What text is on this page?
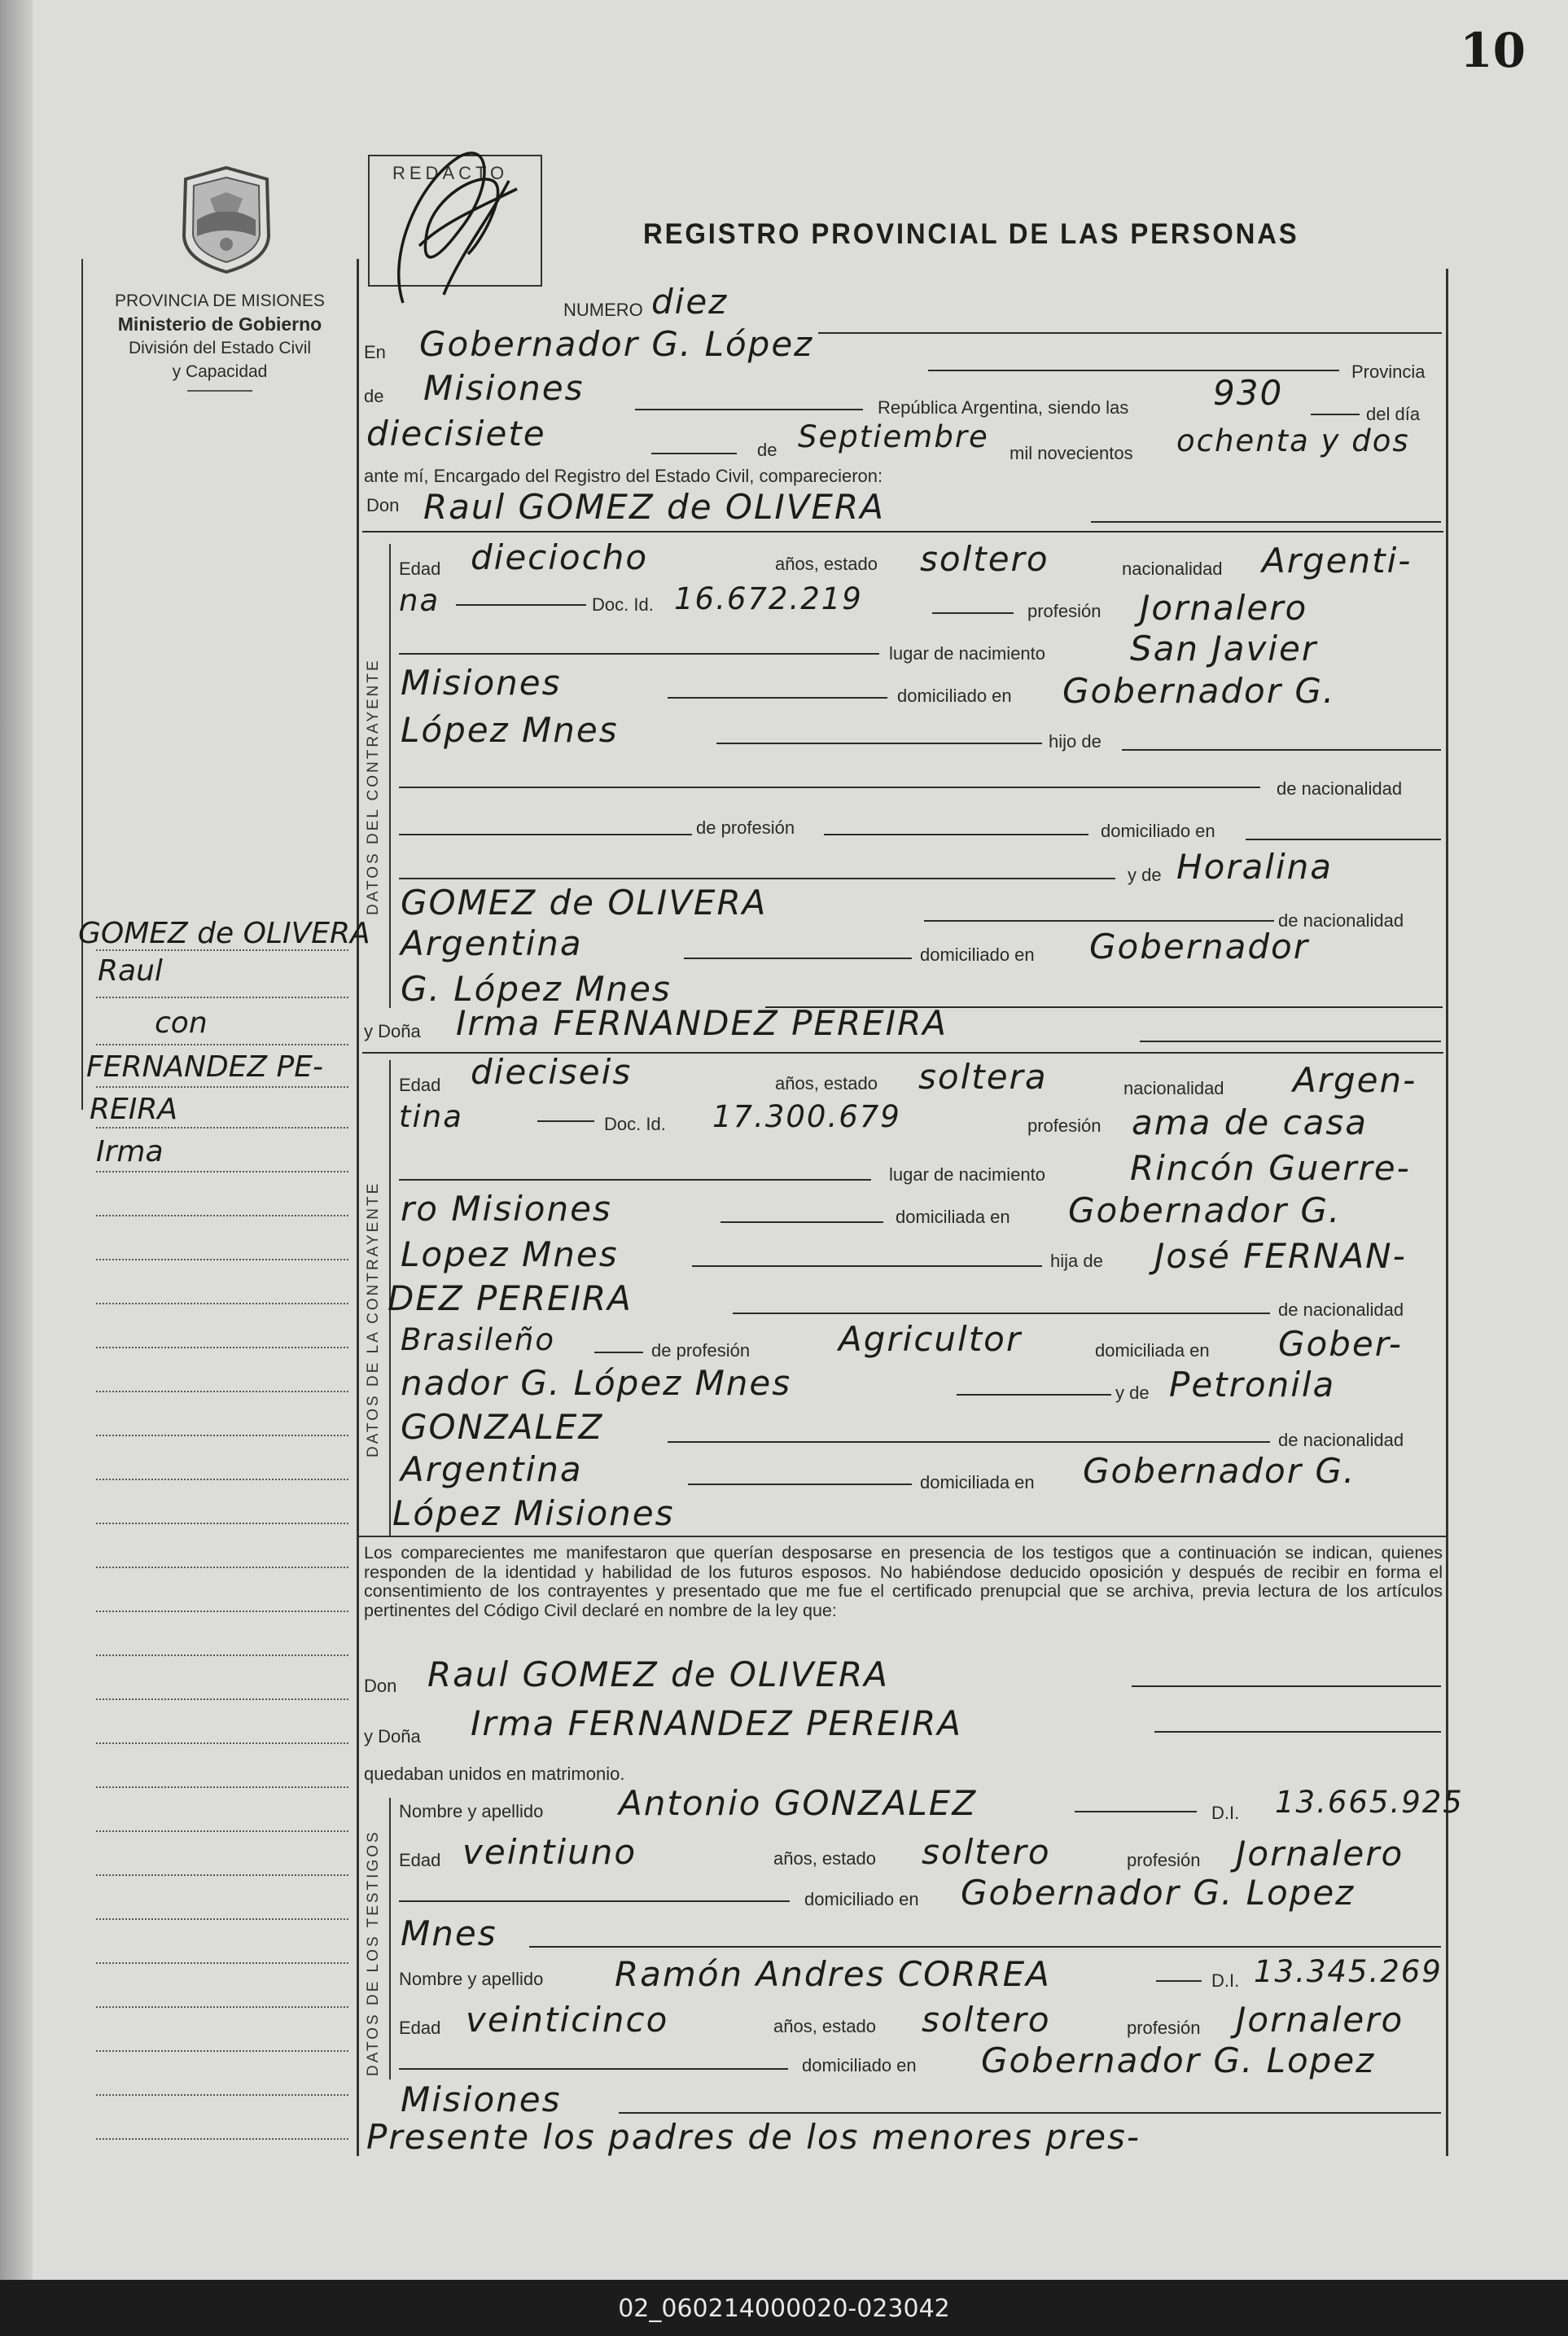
10
PROVINCIA DE MISIONES
Ministerio de Gobierno
División del Estado Civil
y Capacidad
REDACTO
REGISTRO PROVINCIAL DE LAS PERSONAS
DATOS DEL CONTRAYENTE
DATOS DE LA CONTRAYENTE
DATOS DE LOS TESTIGOS
NUMERO diez
En Gobernador G. López
Provincia
de Misiones	República Argentina, siendo las 930
del día
diecisiete	de Septiembre mil novecientos ochenta y dos
ante mí, Encargado del Registro del Estado Civil, comparecieron:
Don Raul GOMEZ de OLIVERA
Edad dieciocho	años, estado soltero	nacionalidad Argenti-
na	Doc. Id. 16.672.219	profesión Jornalero
lugar de nacimiento San Javier
Misiones	domiciliado en Gobernador G.
López Mnes	hijo de
de nacionalidad
de profesión	domiciliado en
y de Horalina
GOMEZ de OLIVERA	de nacionalidad
Argentina	domiciliado en Gobernador
G. López Mnes
y Doña Irma FERNANDEZ PEREIRA
Edad dieciseis	años, estado soltera	nacionalidad Argen-
tina	Doc. Id. 17.300.679	profesión ama de casa
lugar de nacimiento Rincón Guerre-
ro Misiones	domiciliada en Gobernador G.
Lopez Mnes	hija de José FERNAN-
DEZ PEREIRA	de nacionalidad
Brasileño	de profesión	Agricultor	domiciliada en Gober-
nador G. López Mnes	y de Petronila
GONZALEZ	de nacionalidad
Argentina	domiciliada en Gobernador G.
López Misiones
Los comparecientes me manifestaron que querían desposarse en presencia de los testigos que a continuación se indican, quienes responden de la identidad y habilidad de los futuros esposos. No habiéndose deducido oposición y después de recibir en forma el consentimiento de los contrayentes y presentado que me fue el certificado prenupcial que se archiva, previa lectura de los artículos pertinentes del Código Civil declaré en nombre de la ley que:
Don Raul GOMEZ de OLIVERA
y Doña Irma FERNANDEZ PEREIRA
quedaban unidos en matrimonio.
Nombre y apellido Antonio GONZALEZ	D.I. 13.665.925
Edad veintiuno	años, estado soltero	profesión Jornalero
domiciliado en Gobernador G. Lopez
Mnes
Nombre y apellido Ramón Andres CORREA	D.I. 13.345.269
Edad veinticinco	años, estado soltero	profesión Jornalero
domiciliado en Gobernador G. Lopez
Misiones
Presente los padres de los menores pres-
GOMEZ de OLIVERA
Raul
con
FERNANDEZ PE-
REIRA
Irma
02_060214000020-023042
